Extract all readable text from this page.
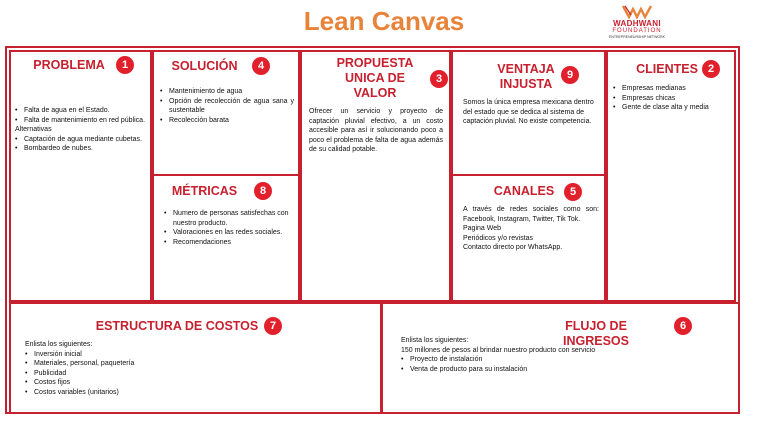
Lean Canvas	WADHWANI
FOUNDATION
ENTREPRENEURSHIP NETWORK
PROBLEMA	1
• Falta de agua en el Estado.
• Falta de mantenimiento en red pública.

Alternativas

• Captación de agua mediante cubetas.
• Bombardeo de nubes.
SOLUCIÓN	4
• Mantenimiento de agua
• Opción de recolección de agua sana y sustentable
• Recolección barata
MÉTRICAS	8
• Numero de personas satisfechas con nuestro producto.
• Valoraciones en las redes sociales.
• Recomendaciones
PROPUESTA
UNICA DE
VALOR
3
Ofrecer un servicio y proyecto de captación pluvial efectivo, a un costo accesible para así ir solucionando poco a poco el problema de falta de agua además de su calidad potable.
VENTAJA
INJUSTA
9
Somos la única empresa mexicana dentro del estado que se dedica al sistema de captación pluvial. No existe competencia.
CANALES	5

A través de redes sociales como son: Facebook, Instagram, Twitter, Tik Tok.

Pagina Web

Periódicos y/o revistas

Contacto directo por WhatsApp.

CLIENTES 2
• Empresas medianas
• Empresas chicas
• Gente de clase alta y media
ESTRUCTURA DE COSTOS	7

Enlista los siguientes:

• Inversión inicial
• Materiales, personal, paquetería
• Publicidad
• Costos fijos
• Costos variables (unitarios)
FLUJO DE INGRESOS
6

Enlista los siguientes:

150 millones de pesos al brindar nuestro producto con servicio

• Proyecto de instalación
• Venta de producto para su instalación
